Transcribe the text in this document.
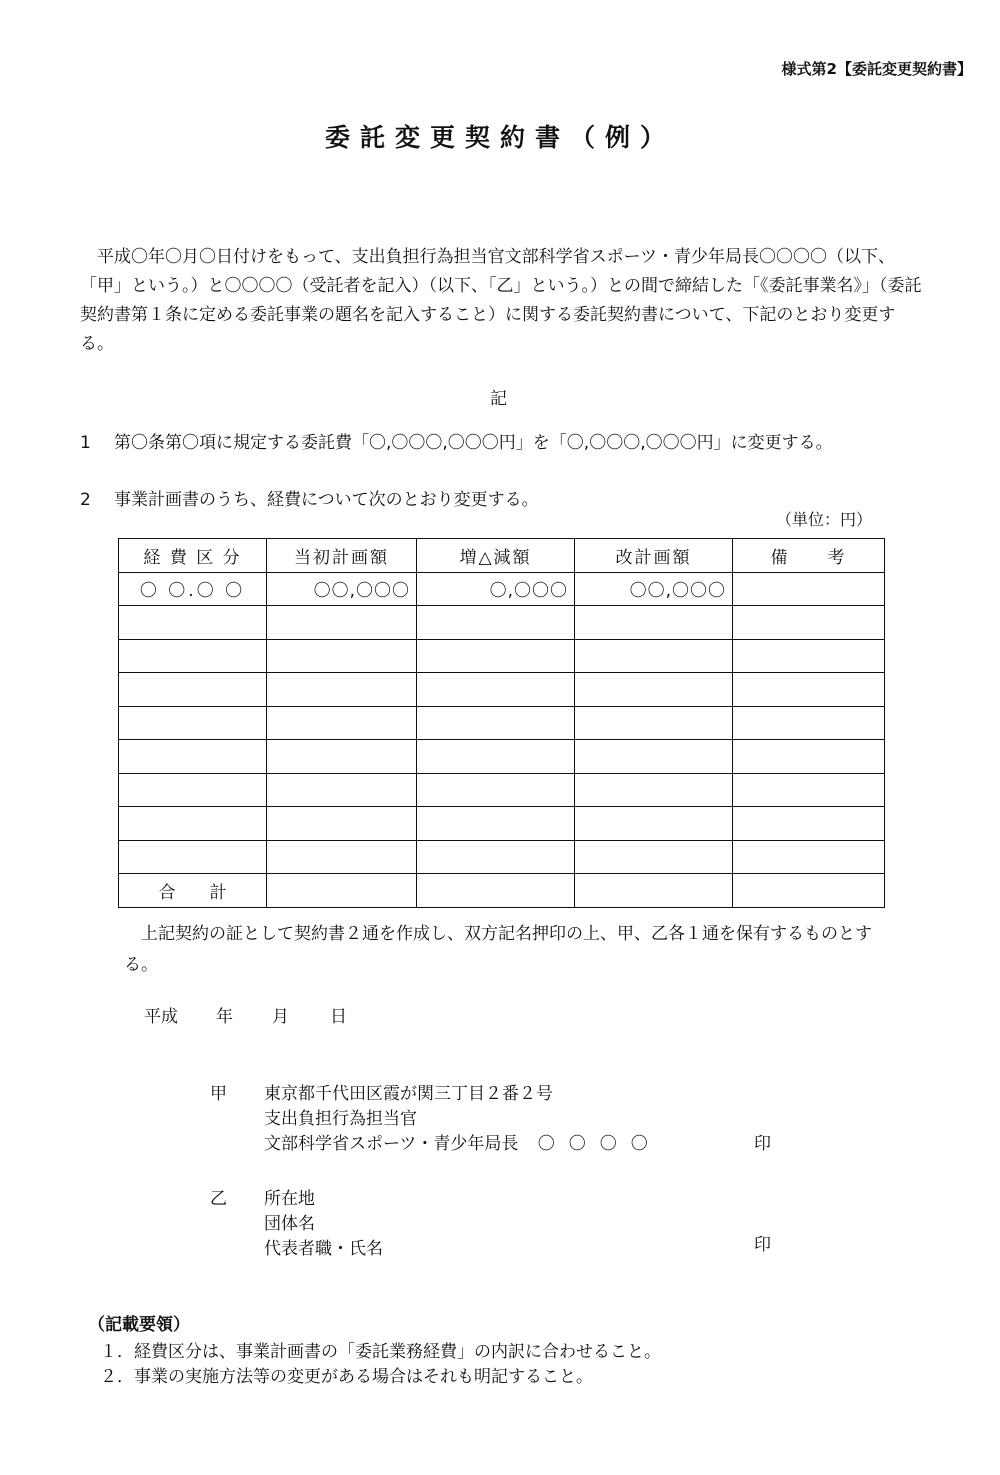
様式第2【委託変更契約書】
委託変更契約書（例）
平成〇年〇月〇日付けをもって、支出負担行為担当官文部科学省スポーツ・青少年局長〇〇〇〇（以下、「甲」という。）と〇〇〇〇（受託者を記入）（以下、「乙」という。）との間で締結した「《委託事業名》」（委託契約書第１条に定める委託事業の題名を記入すること）に関する委託契約書について、下記のとおり変更する。
記
1 第〇条第〇項に規定する委託費「〇,〇〇〇,〇〇〇円」を「〇,〇〇〇,〇〇〇円」に変更する。
2 事業計画書のうち、経費について次のとおり変更する。
（単位：円）
経 費 区 分	当初計画額	増△減額	改計画額	備　　考
〇 〇.〇 〇	〇〇,〇〇〇	〇,〇〇〇	〇〇,〇〇〇	

合　　計				
上記契約の証として契約書２通を作成し、双方記名押印の上、甲、乙各１通を保有するものとする。
平成 年 月 日
甲 東京都千代田区霞が関三丁目２番２号
支出負担行為担当官
文部科学省スポーツ・青少年局長 〇〇〇〇	印
乙 所在地
団体名
代表者職・氏名	印
（記載要領）
１．経費区分は、事業計画書の「委託業務経費」の内訳に合わせること。
２．事業の実施方法等の変更がある場合はそれも明記すること。
